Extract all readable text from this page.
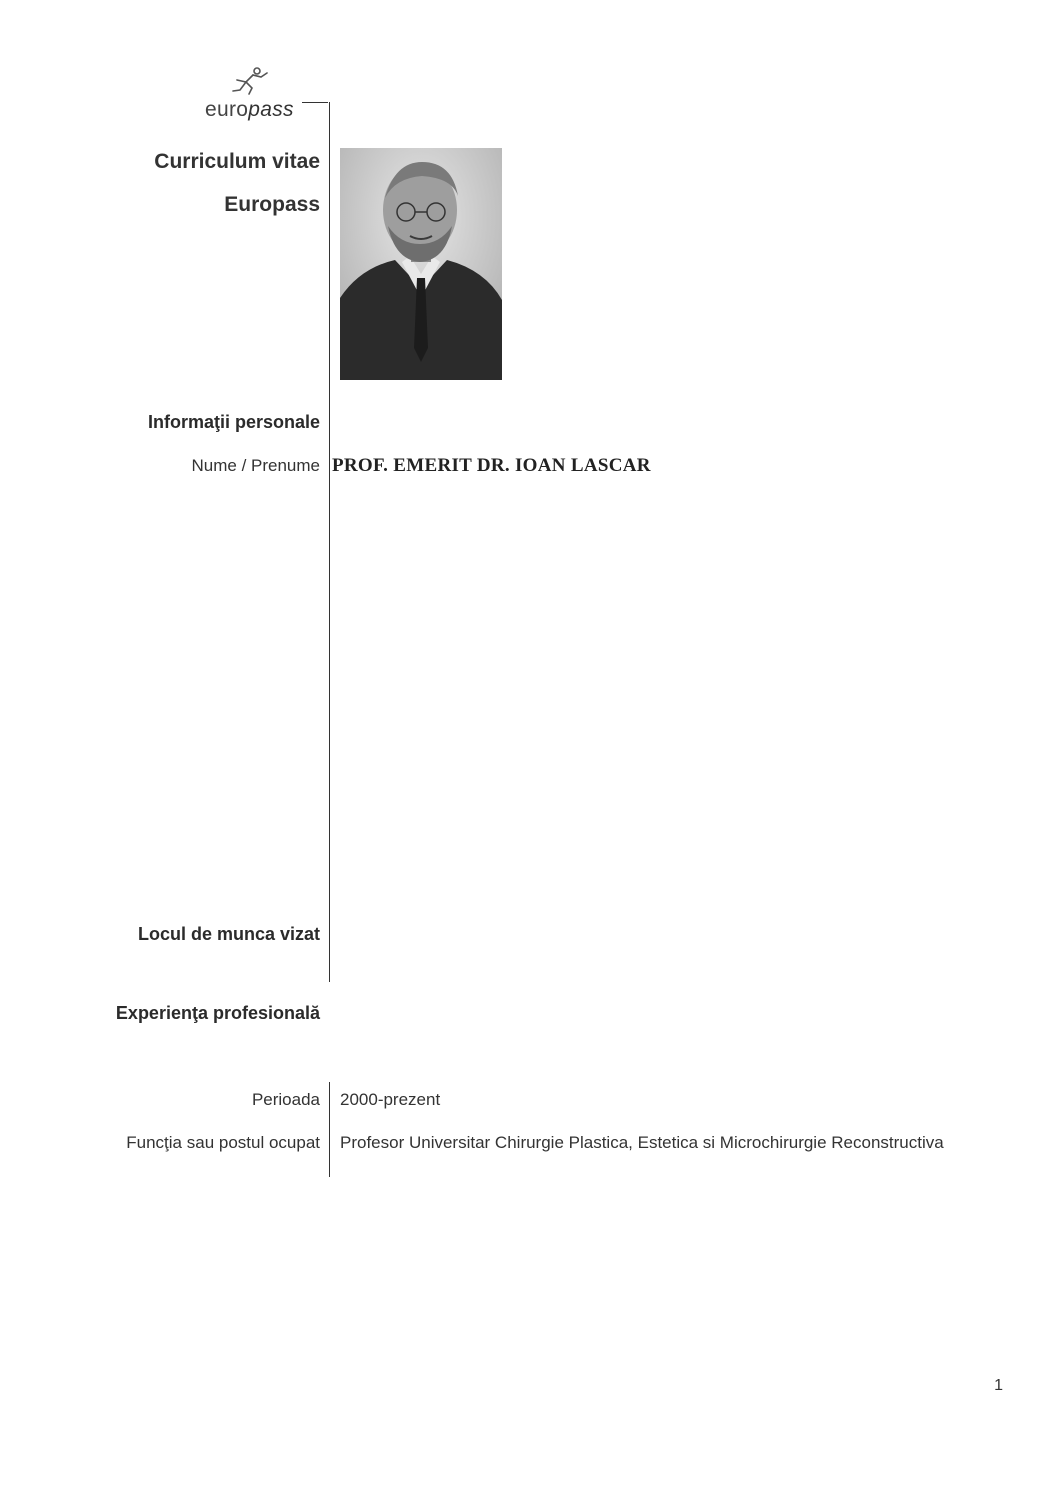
europass
Curriculum vitae
Europass
Informaţii personale
Nume / Prenume PROF. EMERIT DR. IOAN LASCAR
Locul de munca vizat
Experienţa profesională
Perioada 2000-prezent
Funcţia sau postul ocupat Profesor Universitar Chirurgie Plastica, Estetica si Microchirurgie Reconstructiva
1
